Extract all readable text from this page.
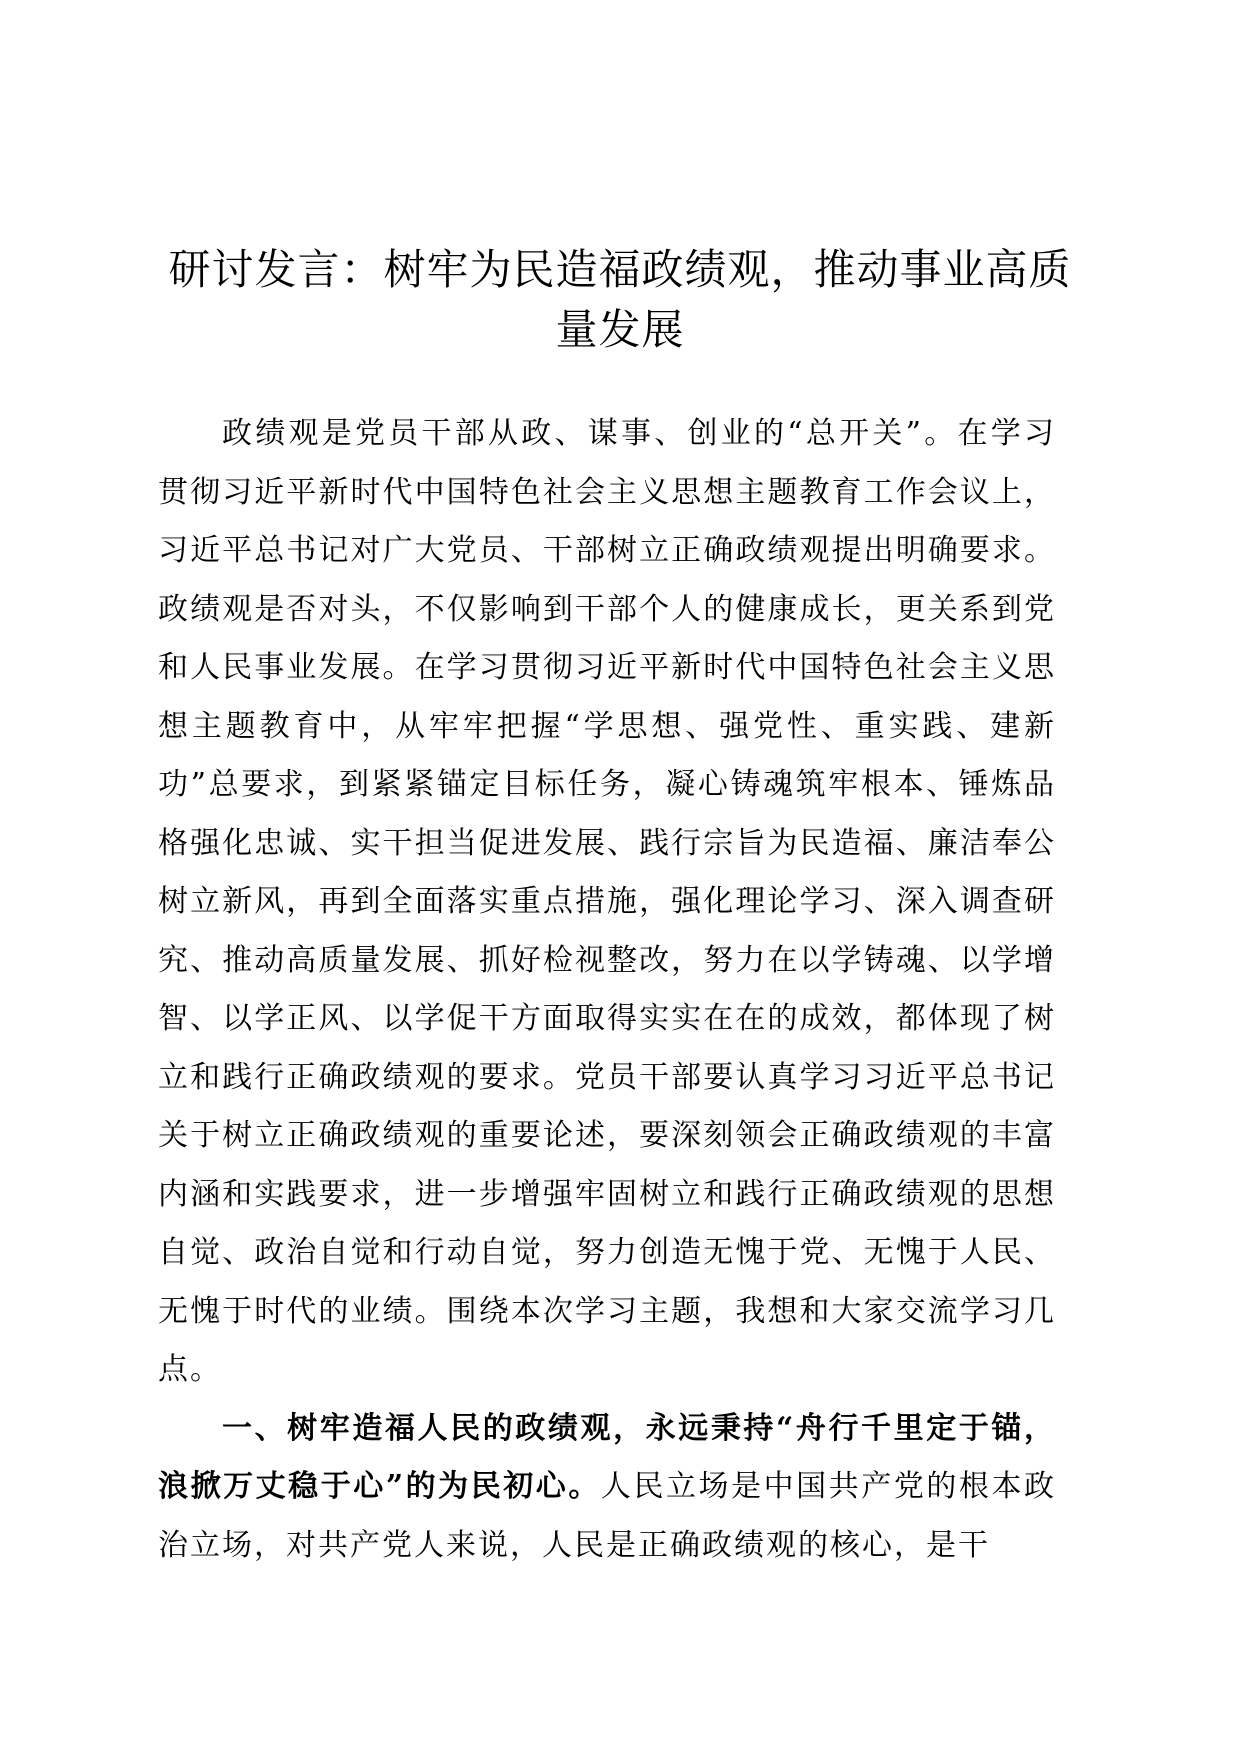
研讨发言：树牢为民造福政绩观，推动事业高质量发展

政绩观是党员干部从政、谋事、创业的“总开关”。在学习贯彻习近平新时代中国特色社会主义思想主题教育工作会议上，习近平总书记对广大党员、干部树立正确政绩观提出明确要求。政绩观是否对头，不仅影响到干部个人的健康成长，更关系到党和人民事业发展。在学习贯彻习近平新时代中国特色社会主义思想主题教育中，从牢牢把握“学思想、强党性、重实践、建新功”总要求，到紧紧锚定目标任务，凝心铸魂筑牢根本、锤炼品格强化忠诚、实干担当促进发展、践行宗旨为民造福、廉洁奉公树立新风，再到全面落实重点措施，强化理论学习、深入调查研究、推动高质量发展、抓好检视整改，努力在以学铸魂、以学增智、以学正风、以学促干方面取得实实在在的成效，都体现了树立和践行正确政绩观的要求。党员干部要认真学习习近平总书记关于树立正确政绩观的重要论述，要深刻领会正确政绩观的丰富内涵和实践要求，进一步增强牢固树立和践行正确政绩观的思想自觉、政治自觉和行动自觉，努力创造无愧于党、无愧于人民、无愧于时代的业绩。围绕本次学习主题，我想和大家交流学习几点。

一、树牢造福人民的政绩观，永远秉持“舟行千里定于锚，浪掀万丈稳于心”的为民初心。人民立场是中国共产党的根本政治立场，对共产党人来说，人民是正确政绩观的核心，是干
